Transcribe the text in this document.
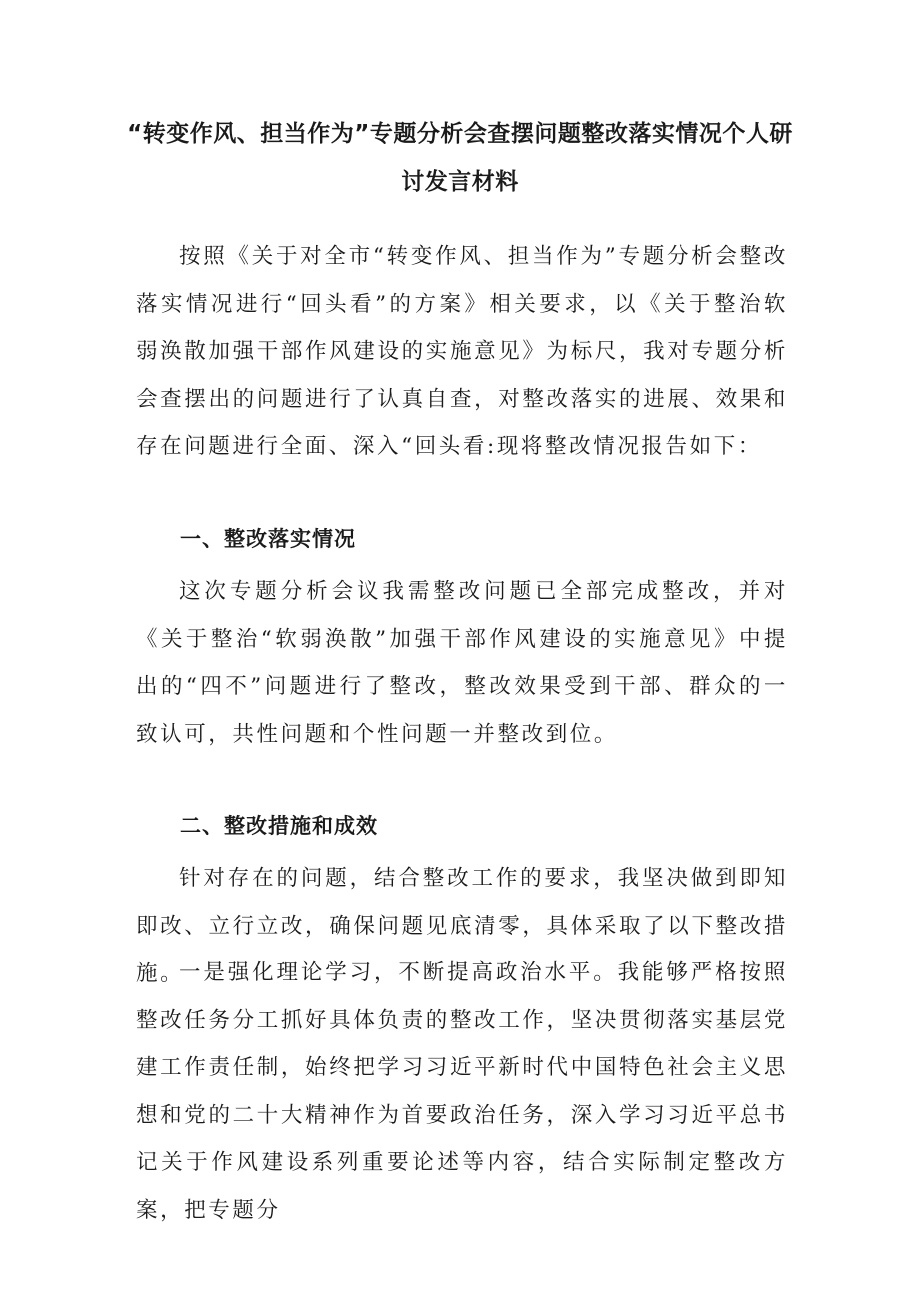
“转变作风、担当作为”专题分析会查摆问题整改落实情况个人研讨发言材料

按照《关于对全市“转变作风、担当作为”专题分析会整改落实情况进行“回头看”的方案》相关要求，以《关于整治软弱涣散加强干部作风建设的实施意见》为标尺，我对专题分析会查摆出的问题进行了认真自查，对整改落实的进展、效果和存在问题进行全面、深入“回头看:现将整改情况报告如下：

一、整改落实情况

这次专题分析会议我需整改问题已全部完成整改，并对《关于整治“软弱涣散”加强干部作风建设的实施意见》中提出的“四不”问题进行了整改，整改效果受到干部、群众的一致认可，共性问题和个性问题一并整改到位。

二、整改措施和成效

针对存在的问题，结合整改工作的要求，我坚决做到即知即改、立行立改，确保问题见底清零，具体采取了以下整改措施。

一是强化理论学习，不断提高政治水平。我能够严格按照整改任务分工抓好具体负责的整改工作，坚决贯彻落实基层党建工作责任制，始终把学习习近平新时代中国特色社会主义思想和党的二十大精神作为首要政治任务，深入学习习近平总书记关于作风建设系列重要论述等内容，结合实际制定整改方案，把专题分
